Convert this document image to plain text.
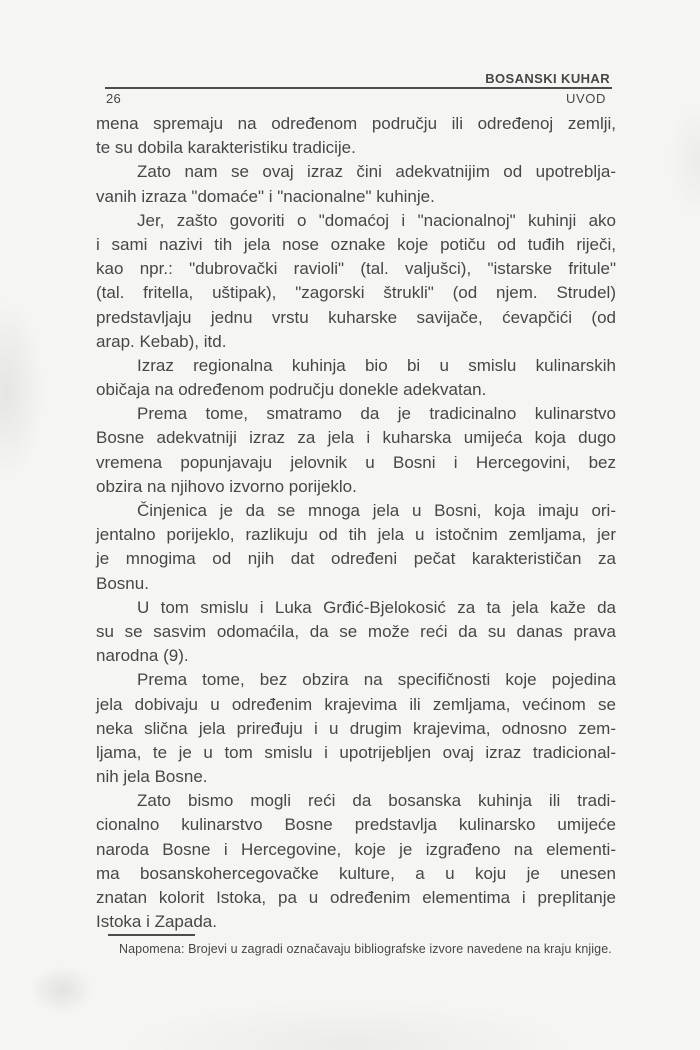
BOSANSKI KUHAR
26	UVOD
mena spremaju na određenom području ili određenoj zemlji,
te su dobila karakteristiku tradicije.
Zato nam se ovaj izraz čini adekvatnijim od upotreblja-
vanih izraza "domaće" i "nacionalne" kuhinje.
Jer, zašto govoriti o "domaćoj i "nacionalnoj" kuhinji ako
i sami nazivi tih jela nose oznake koje potiču od tuđih riječi,
kao npr.: "dubrovački ravioli" (tal. valjušci), "istarske fritule"
(tal. fritella, uštipak), "zagorski štrukli" (od njem. Strudel)
predstavljaju jednu vrstu kuharske savijače, ćevapčići (od
arap. Kebab), itd.
Izraz regionalna kuhinja bio bi u smislu kulinarskih
običaja na određenom području donekle adekvatan.
Prema tome, smatramo da je tradicinalno kulinarstvo
Bosne adekvatniji izraz za jela i kuharska umijeća koja dugo
vremena popunjavaju jelovnik u Bosni i Hercegovini, bez
obzira na njihovo izvorno porijeklo.
Činjenica je da se mnoga jela u Bosni, koja imaju ori-
jentalno porijeklo, razlikuju od tih jela u istočnim zemljama, jer
je mnogima od njih dat određeni pečat karakterističan za
Bosnu.
U tom smislu i Luka Grđić-Bjelokosić za ta jela kaže da
su se sasvim odomaćila, da se može reći da su danas prava
narodna (9).
Prema tome, bez obzira na specifičnosti koje pojedina
jela dobivaju u određenim krajevima ili zemljama, većinom se
neka slična jela priređuju i u drugim krajevima, odnosno zem-
ljama, te je u tom smislu i upotrijebljen ovaj izraz tradicional-
nih jela Bosne.
Zato bismo mogli reći da bosanska kuhinja ili tradi-
cionalno kulinarstvo Bosne predstavlja kulinarsko umijeće
naroda Bosne i Hercegovine, koje je izgrađeno na elementi-
ma bosanskohercegovačke kulture, a u koju je unesen
znatan kolorit Istoka, pa u određenim elementima i preplitanje
Istoka i Zapada.
Napomena: Brojevi u zagradi označavaju bibliografske izvore navedene na kraju knjige.
